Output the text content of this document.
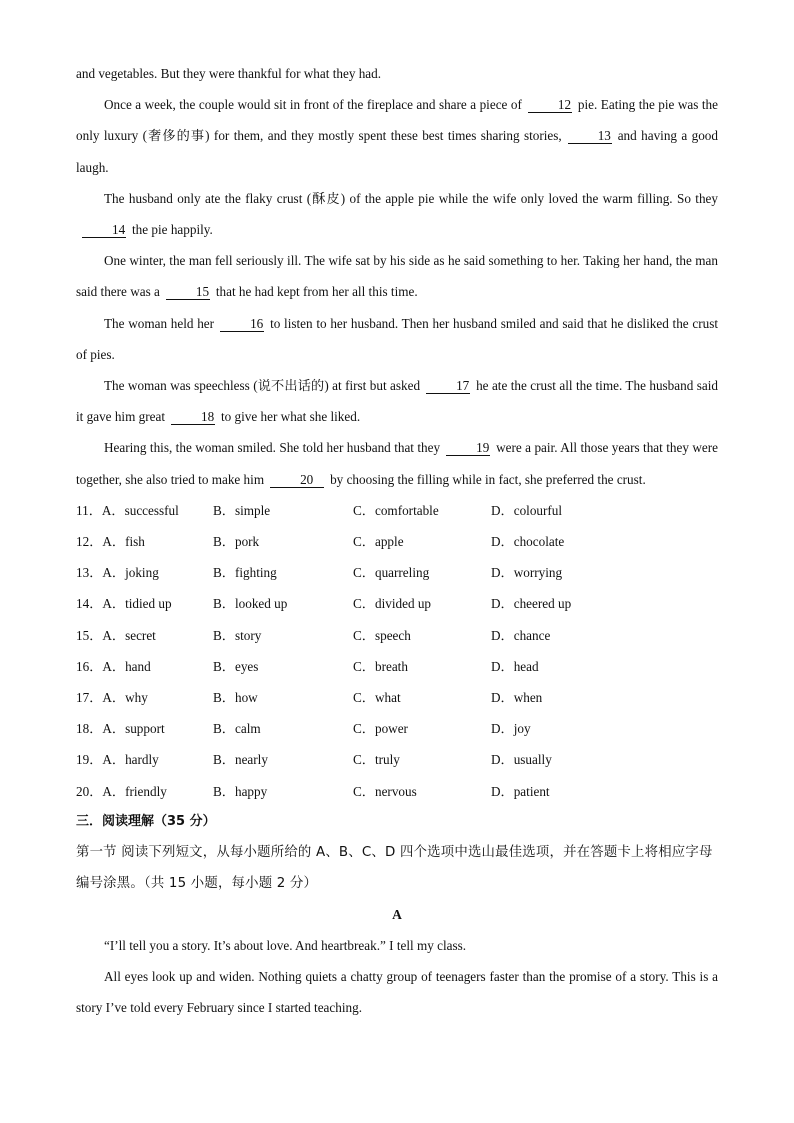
and vegetables. But they were thankful for what they had.

Once a week, the couple would sit in front of the fireplace and share a piece of	12 pie. Eating the pie was the only luxury (奢侈的事) for them, and they mostly spent these best times sharing stories,	13 and having a good laugh.

The husband only ate the flaky crust (酥皮) of the apple pie while the wife only loved the warm filling. So they14 the pie happily.

One winter, the man fell seriously ill. The wife sat by his side as he said something to her. Taking her hand, the man said there was a	15 that he had kept from her all this time.

The woman held her	16 to listen to her husband. Then her husband smiled and said that he disliked the crust of pies.

The woman was speechless (说不出话的) at first but asked	17 he ate the crust all the time. The husband said it gave him great	18 to give her what she liked.

Hearing this, the woman smiled. She told her husband that they	19 were a pair. All those years that they were together, she also tried to make him	20 by choosing the filling while in fact, she preferred the crust.

11．A．successful	B．simple	C．comfortable	D．colourful
12．A．fish	B．pork	C．apple	D．chocolate
13．A．joking	B．fighting	C．quarreling	D．worrying
14．A．tidied up	B．looked up	C．divided up	D．cheered up
15．A．secret	B．story	C．speech	D．chance
16．A．hand	B．eyes	C．breath	D．head
17．A．why	B．how	C．what	D．when
18．A．support	B．calm	C．power	D．joy
19．A．hardly	B．nearly	C．truly	D．usually
20．A．friendly	B．happy	C．nervous	D．patient

三．阅读理解（35 分）

第一节 阅读下列短文，从每小题所给的 A、B、C、D 四个选项中选山最佳选项，并在答题卡上将相应字母编号涂黑。（共 15 小题，每小题 2 分）

A

“I’ll tell you a story. It’s about love. And heartbreak.” I tell my class.

All eyes look up and widen. Nothing quiets a chatty group of teenagers faster than the promise of a story. This is a story I’ve told every February since I started teaching.
